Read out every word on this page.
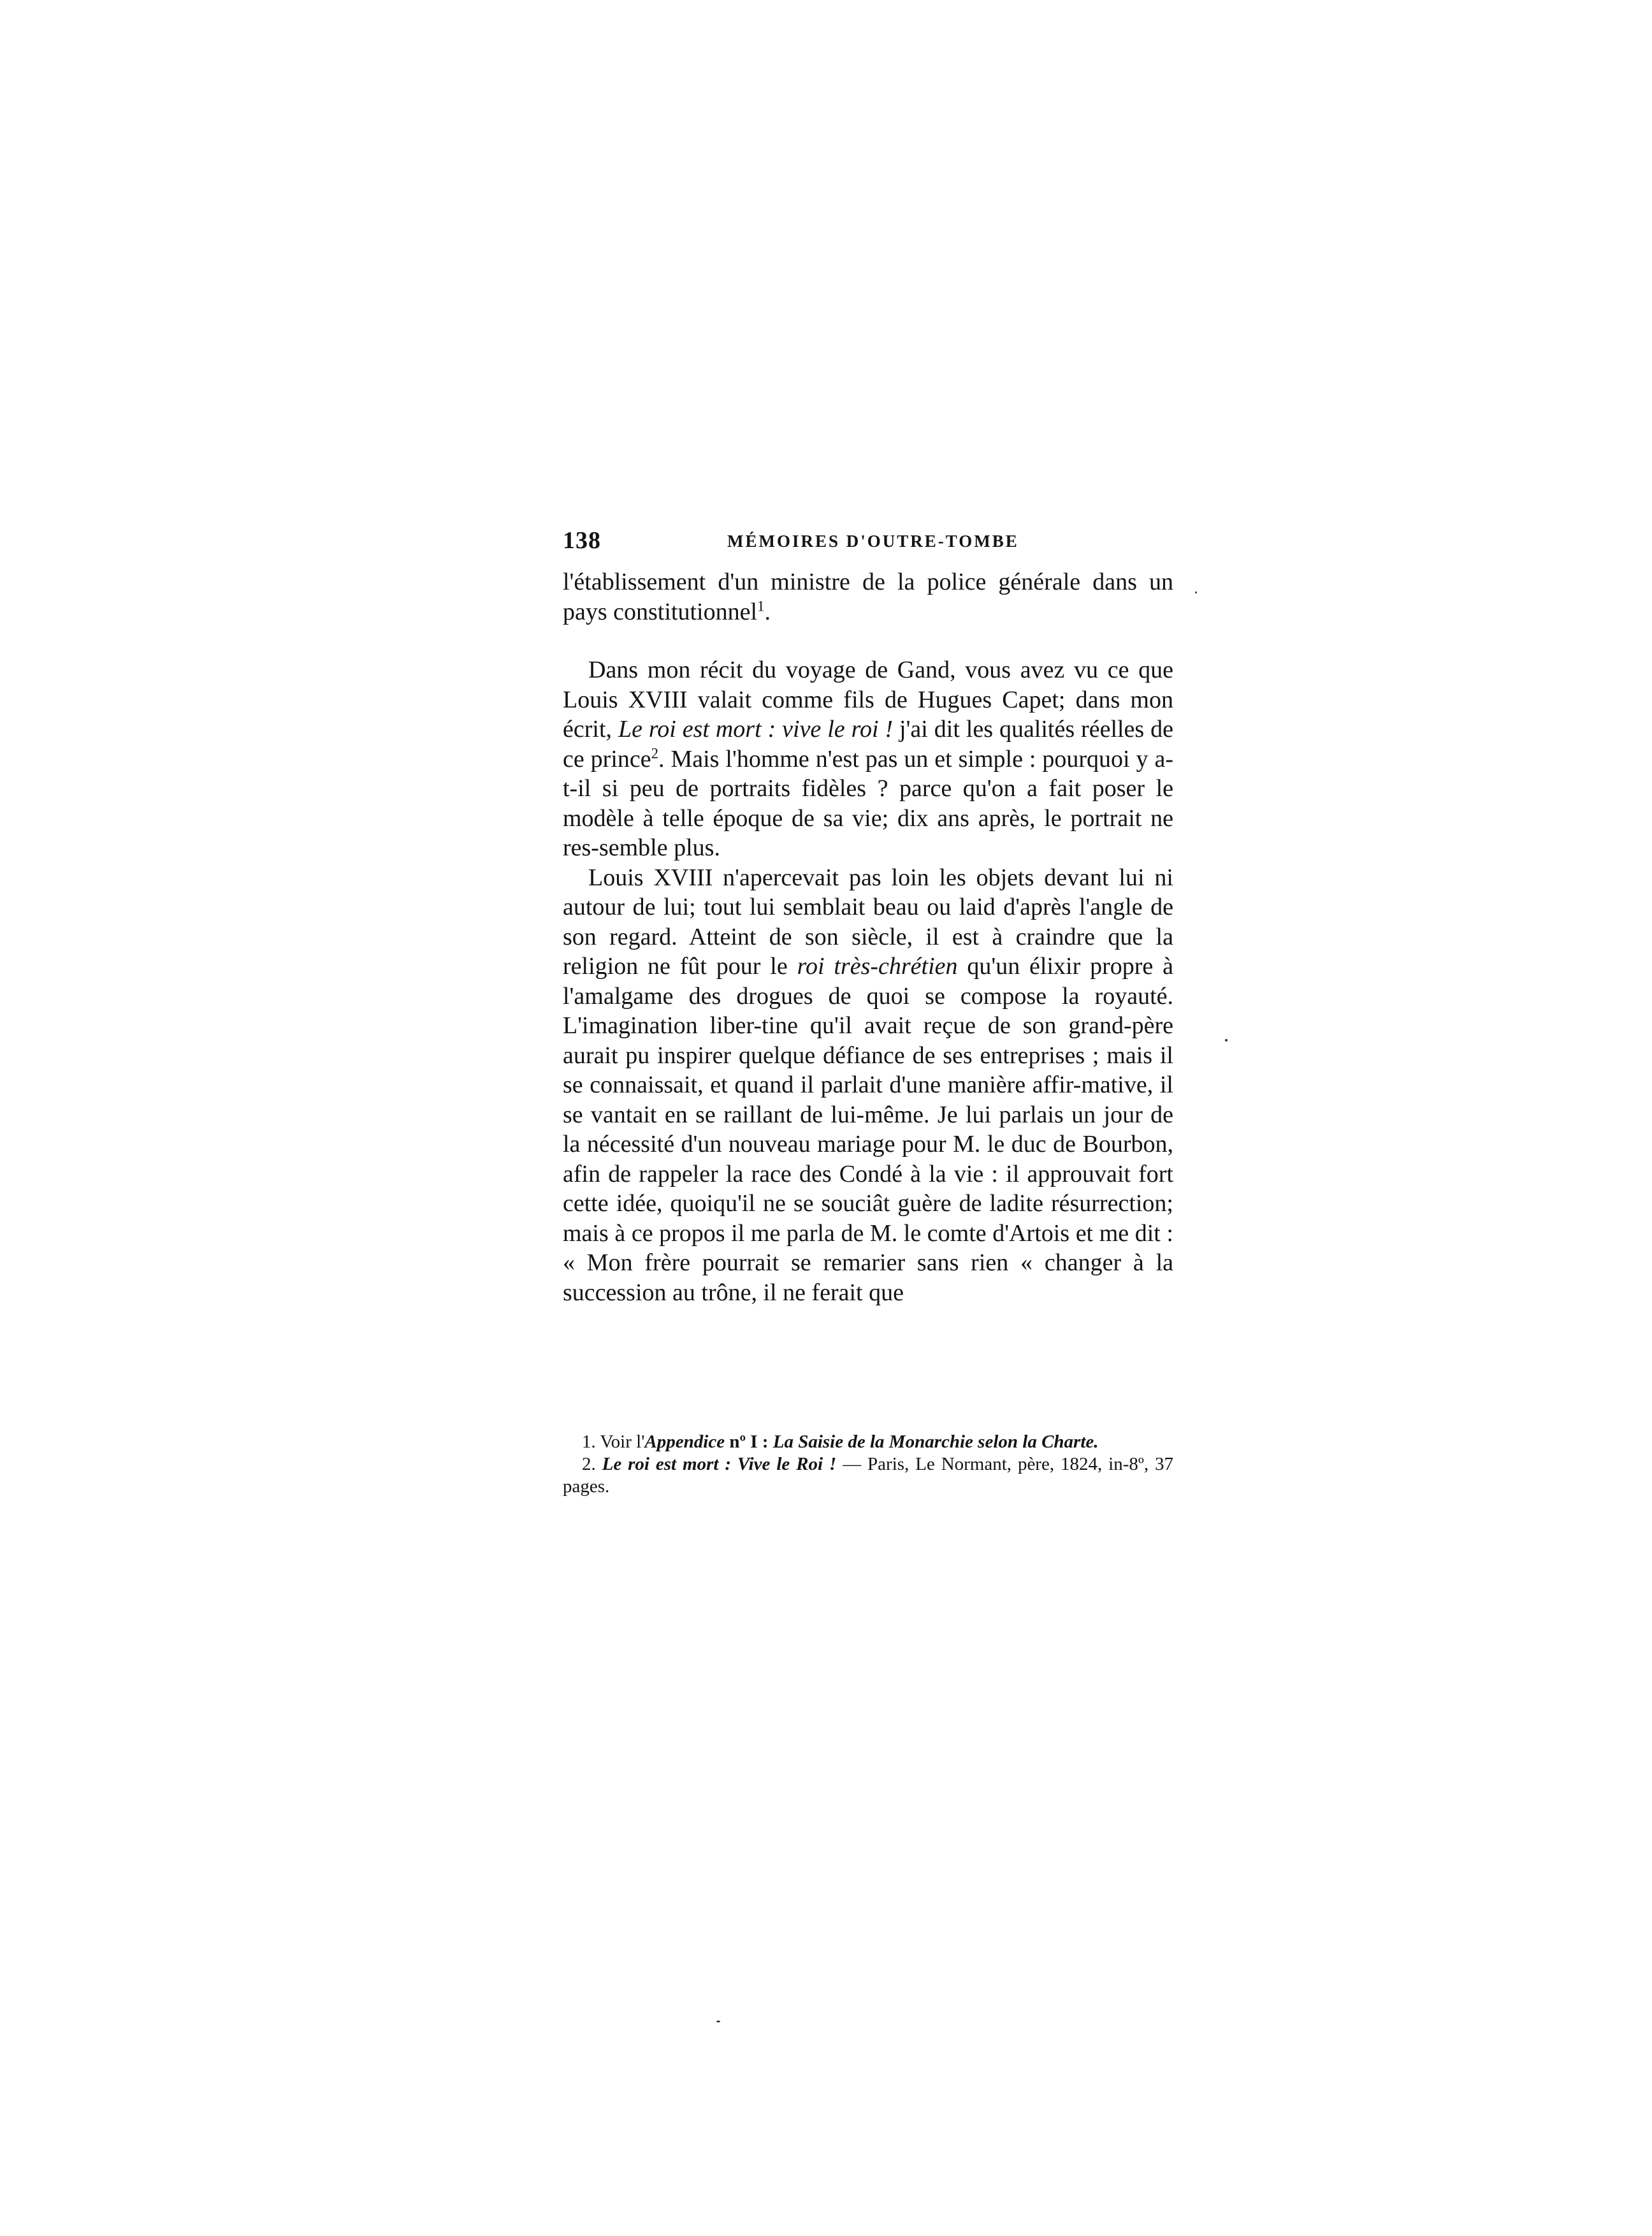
138	MÉMOIRES D'OUTRE-TOMBE

l'établissement d'un ministre de la police générale dans un pays constitutionnel$^1$.

Dans mon récit du voyage de Gand, vous avez vu ce que Louis XVIII valait comme fils de Hugues Capet; dans mon écrit, Le roi est mort : vive le roi ! j'ai dit les qualités réelles de ce prince$^2$. Mais l'homme n'est pas un et simple : pourquoi y a-t-il si peu de portraits fidèles ? parce qu'on a fait poser le modèle à telle époque de sa vie; dix ans après, le portrait ne res-semble plus.

Louis XVIII n'apercevait pas loin les objets devant lui ni autour de lui; tout lui semblait beau ou laid d'après l'angle de son regard. Atteint de son siècle, il est à craindre que la religion ne fût pour le roi très-chrétien qu'un élixir propre à l'amalgame des drogues de quoi se compose la royauté. L'imagination liber-tine qu'il avait reçue de son grand-père aurait pu inspirer quelque défiance de ses entreprises ; mais il se connaissait, et quand il parlait d'une manière affir-mative, il se vantait en se raillant de lui-même. Je lui parlais un jour de la nécessité d'un nouveau mariage pour M. le duc de Bourbon, afin de rappeler la race des Condé à la vie : il approuvait fort cette idée, quoiqu'il ne se souciât guère de ladite résurrection; mais à ce propos il me parla de M. le comte d'Artois et me dit : « Mon frère pourrait se remarier sans rien « changer à la succession au trône, il ne ferait que

1. Voir l'Appendice nº I : La Saisie de la Monarchie selon la Charte.

2. Le roi est mort : Vive le Roi ! — Paris, Le Normant, père, 1824, in-8º, 37 pages.
